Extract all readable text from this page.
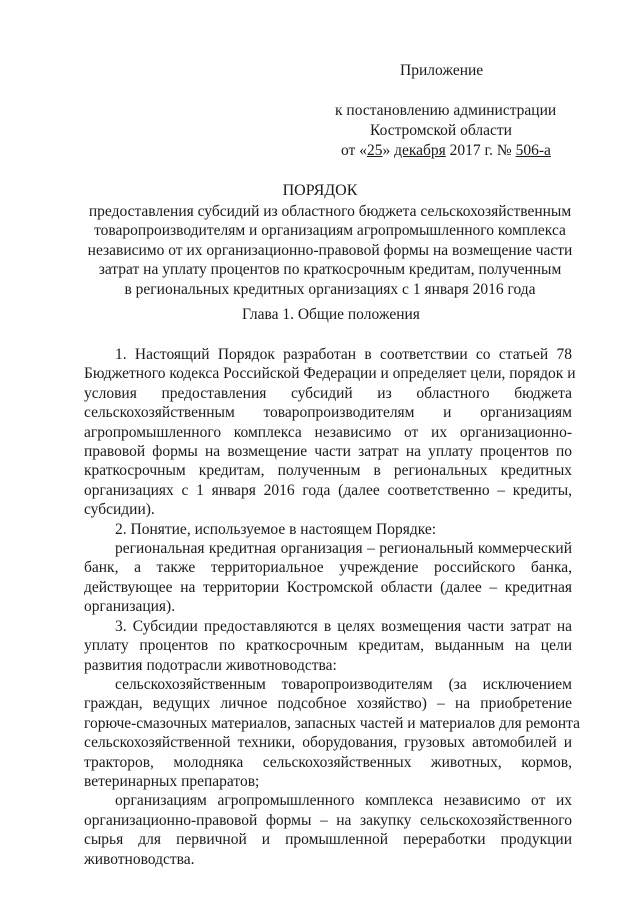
Приложение
к постановлению администрации
Костромской области
от «25» декабря 2017 г. № 506-а
ПОРЯДОК
предоставления субсидий из областного бюджета сельскохозяйственным
товаропроизводителям и организациям агропромышленного комплекса
независимо от их организационно-правовой формы на возмещение части
затрат на уплату процентов по краткосрочным кредитам, полученным
в региональных кредитных организациях с 1 января 2016 года
Глава 1. Общие положения
1. Настоящий Порядок разработан в соответствии со статьей 78
Бюджетного кодекса Российской Федерации и определяет цели, порядок и
условия предоставления субсидий из областного бюджета
сельскохозяйственным товаропроизводителям и организациям
агропромышленного комплекса независимо от их организационно-
правовой формы на возмещение части затрат на уплату процентов по
краткосрочным кредитам, полученным в региональных кредитных
организациях с 1 января 2016 года (далее соответственно – кредиты,
субсидии).
2. Понятие, используемое в настоящем Порядке:
региональная кредитная организация – региональный коммерческий
банк, а также территориальное учреждение российского банка,
действующее на территории Костромской области (далее – кредитная
организация).
3. Субсидии предоставляются в целях возмещения части затрат на
уплату процентов по краткосрочным кредитам, выданным на цели
развития подотрасли животноводства:
сельскохозяйственным товаропроизводителям (за исключением
граждан, ведущих личное подсобное хозяйство) – на приобретение
горюче-смазочных материалов, запасных частей и материалов для ремонта
сельскохозяйственной техники, оборудования, грузовых автомобилей и
тракторов, молодняка сельскохозяйственных животных, кормов,
ветеринарных препаратов;
организациям агропромышленного комплекса независимо от их
организационно-правовой формы – на закупку сельскохозяйственного
сырья для первичной и промышленной переработки продукции
животноводства.
